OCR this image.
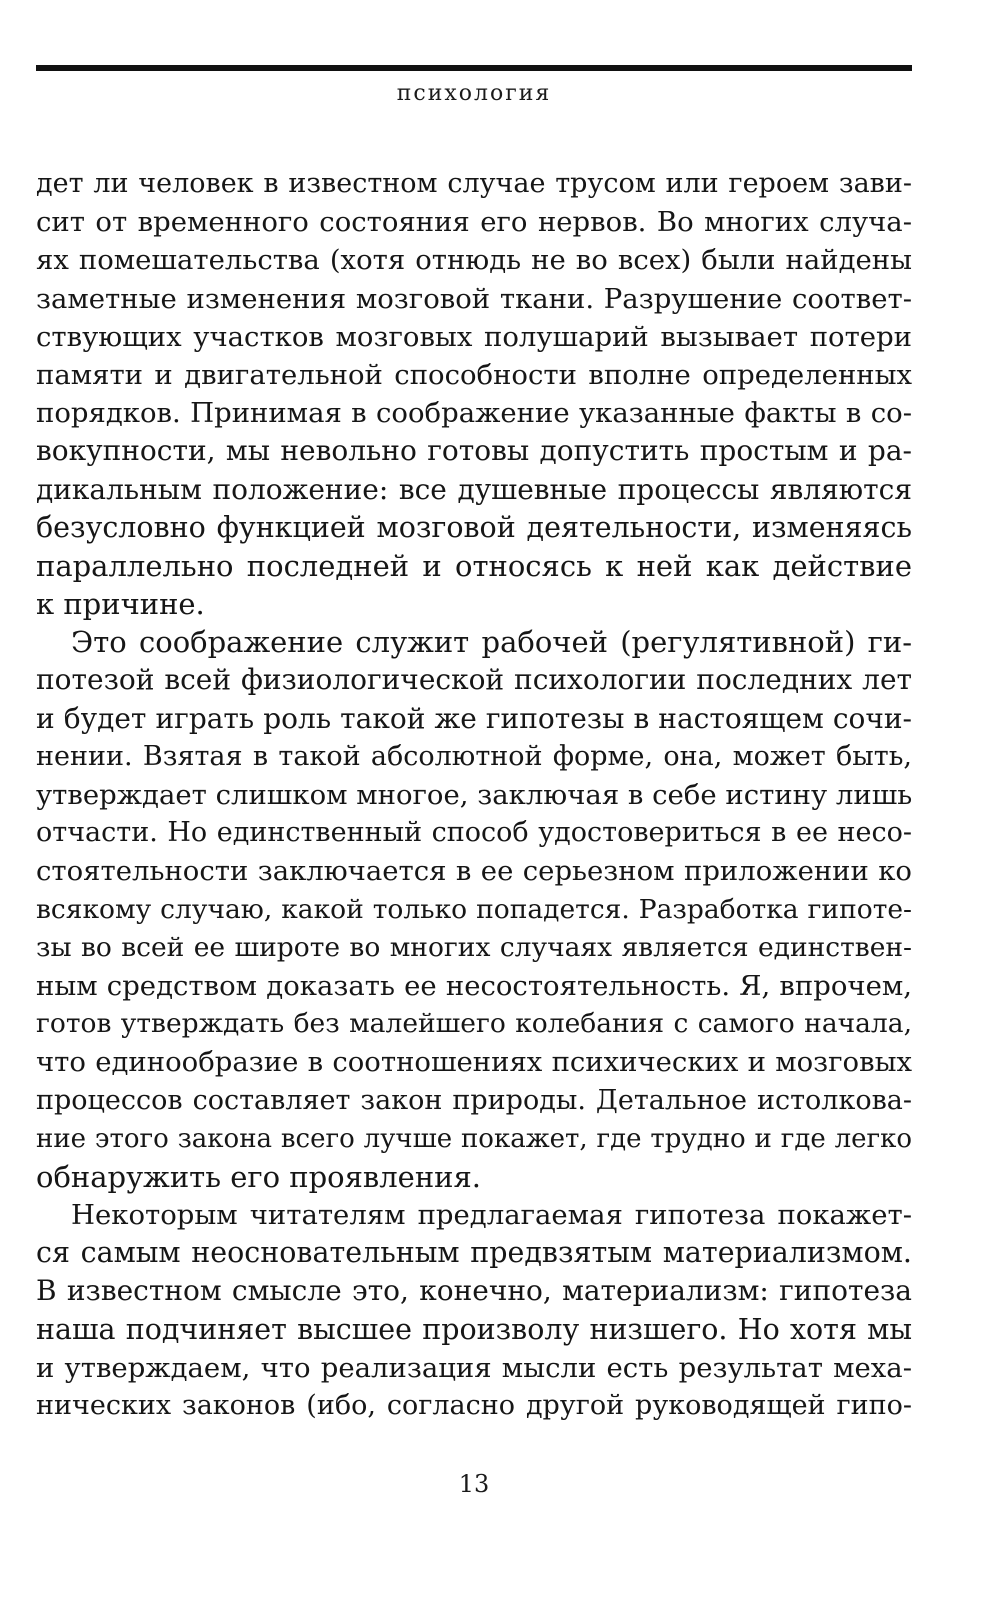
психология
дет ли человек в известном случае трусом или героем зави-
сит от временного состояния его нервов. Во многих случа-
ях помешательства (хотя отнюдь не во всех) были найдены
заметные изменения мозговой ткани. Разрушение соответ-
ствующих участков мозговых полушарий вызывает потери
памяти и двигательной способности вполне определенных
порядков. Принимая в соображение указанные факты в со-
вокупности, мы невольно готовы допустить простым и ра-
дикальным положение: все душевные процессы являются
безусловно функцией мозговой деятельности, изменяясь
параллельно последней и относясь к ней как действие
к причине.
Это соображение служит рабочей (регулятивной) ги-
потезой всей физиологической психологии последних лет
и будет играть роль такой же гипотезы в настоящем сочи-
нении. Взятая в такой абсолютной форме, она, может быть,
утверждает слишком многое, заключая в себе истину лишь
отчасти. Но единственный способ удостовериться в ее несо-
стоятельности заключается в ее серьезном приложении ко
всякому случаю, какой только попадется. Разработка гипоте-
зы во всей ее широте во многих случаях является единствен-
ным средством доказать ее несостоятельность. Я, впрочем,
готов утверждать без малейшего колебания с самого начала,
что единообразие в соотношениях психических и мозговых
процессов составляет закон природы. Детальное истолкова-
ние этого закона всего лучше покажет, где трудно и где легко
обнаружить его проявления.
Некоторым читателям предлагаемая гипотеза покажет-
ся самым неосновательным предвзятым материализмом.
В известном смысле это, конечно, материализм: гипотеза
наша подчиняет высшее произволу низшего. Но хотя мы
и утверждаем, что реализация мысли есть результат меха-
нических законов (ибо, согласно другой руководящей гипо-
13
